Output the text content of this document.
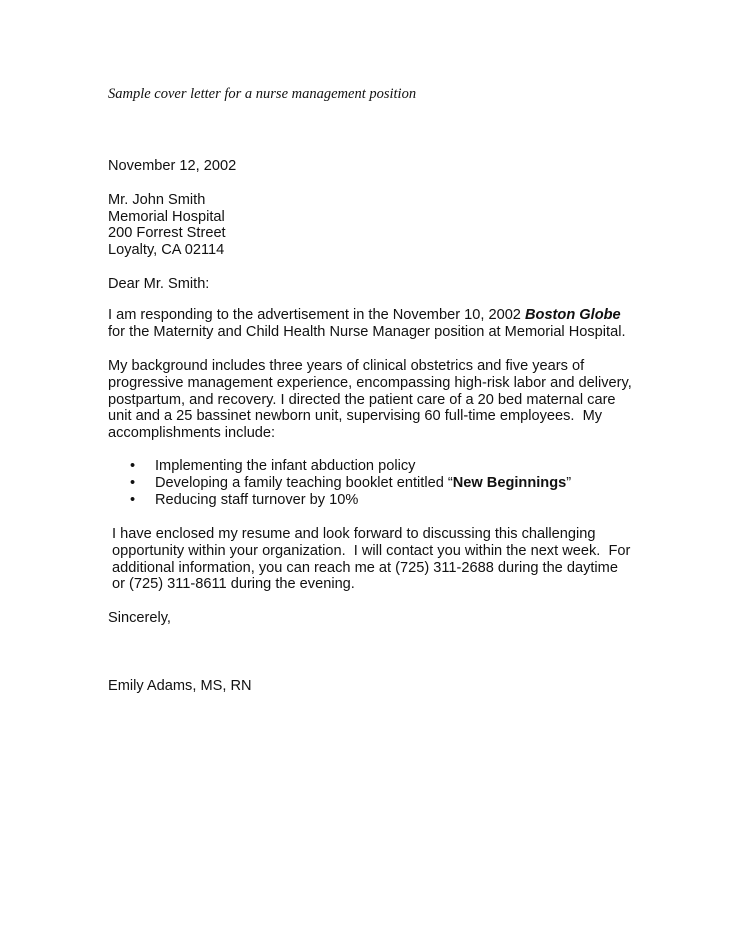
Sample cover letter for a nurse management position
November 12, 2002
Mr. John Smith
Memorial Hospital
200 Forrest Street
Loyalty, CA 02114
Dear Mr. Smith:
I am responding to the advertisement in the November 10, 2002 Boston Globe
for the Maternity and Child Health Nurse Manager position at Memorial Hospital.
My background includes three years of clinical obstetrics and five years of
progressive management experience, encompassing high-risk labor and delivery,
postpartum, and recovery. I directed the patient care of a 20 bed maternal care
unit and a 25 bassinet newborn unit, supervising 60 full-time employees.  My
accomplishments include:
• Implementing the infant abduction policy
• Developing a family teaching booklet entitled “New Beginnings”
• Reducing staff turnover by 10%
I have enclosed my resume and look forward to discussing this challenging
opportunity within your organization.  I will contact you within the next week.  For
additional information, you can reach me at (725) 311-2688 during the daytime
or (725) 311-8611 during the evening.
Sincerely,
Emily Adams, MS, RN
